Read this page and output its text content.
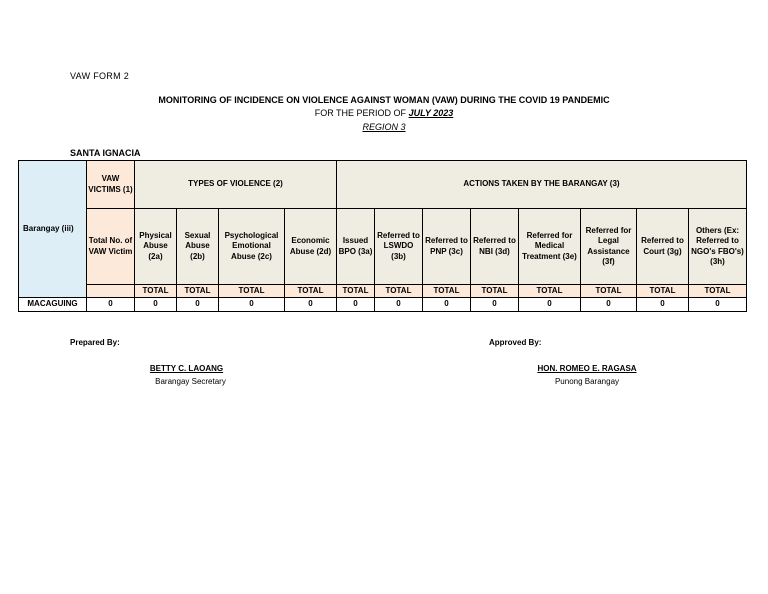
VAW FORM 2
MONITORING OF INCIDENCE ON VIOLENCE AGAINST WOMAN (VAW) DURING THE COVID 19 PANDEMIC
FOR THE PERIOD OF JULY 2023
REGION 3
SANTA IGNACIA
Barangay (iii)	VAW VICTIMS (1)	TYPES OF VIOLENCE (2)				ACTIONS TAKEN BY THE BARANGAY (3)							
	Total No. of VAW Victim	Physical Abuse (2a)	Sexual Abuse (2b)	Psychological Emotional Abuse (2c)	Economic Abuse (2d)	Issued BPO (3a)	Referred to LSWDO (3b)	Referred to PNP (3c)	Referred to NBI (3d)	Referred for Medical Treatment (3e)	Referred for Legal Assistance (3f)	Referred to Court (3g)	Others (Ex: Referred to NGO's FBO's) (3h)
		TOTAL	TOTAL	TOTAL	TOTAL	TOTAL	TOTAL	TOTAL	TOTAL	TOTAL	TOTAL	TOTAL	TOTAL
MACAGUING	0	0	0	0	0	0	0	0	0	0	0	0	0
Prepared By:
BETTY C. LAOANG
Barangay Secretary
Approved By:
HON. ROMEO E. RAGASA
Punong Barangay
